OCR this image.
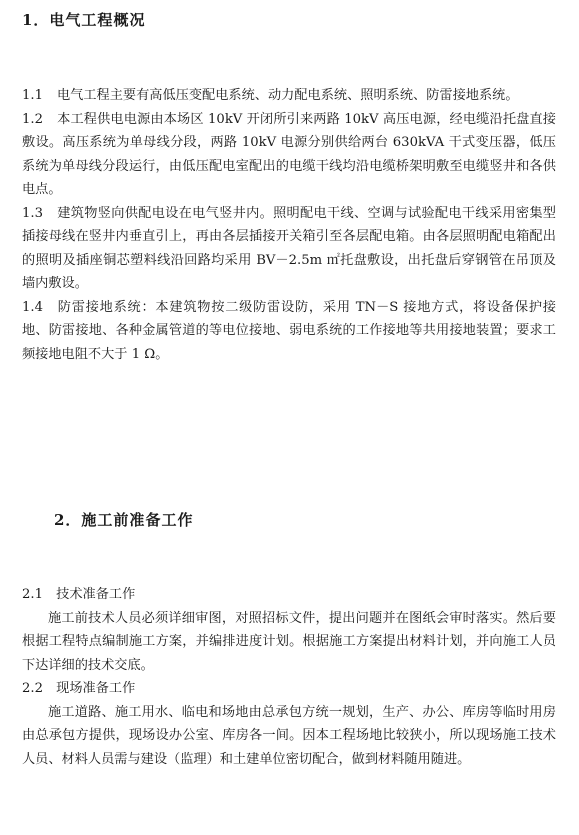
1．电气工程概况

1.1 电气工程主要有高低压变配电系统、动力配电系统、照明系统、防雷接地系统。

1.2 本工程供电电源由本场区 10kV 开闭所引来两路 10kV 高压电源，经电缆沿托盘直接敷设。高压系统为单母线分段，两路 10kV 电源分别供给两台 630kVA 干式变压器，低压系统为单母线分段运行，由低压配电室配出的电缆干线均沿电缆桥架明敷至电缆竖井和各供电点。

1.3 建筑物竖向供配电设在电气竖井内。照明配电干线、空调与试验配电干线采用密集型插接母线在竖井内垂直引上，再由各层插接开关箱引至各层配电箱。由各层照明配电箱配出的照明及插座铜芯塑料线沿回路均采用 BV－2.5m ㎡托盘敷设，出托盘后穿钢管在吊顶及墙内敷设。

1.4 防雷接地系统：本建筑物按二级防雷设防，采用 TN－S 接地方式，将设备保护接地、防雷接地、各种金属管道的等电位接地、弱电系统的工作接地等共用接地装置；要求工频接地电阻不大于 1 Ω。

2．施工前准备工作

2.1　技术准备工作

施工前技术人员必须详细审图，对照招标文件，提出问题并在图纸会审时落实。然后要根据工程特点编制施工方案，并编排进度计划。根据施工方案提出材料计划，并向施工人员下达详细的技术交底。

2.2　现场准备工作

施工道路、施工用水、临电和场地由总承包方统一规划，生产、办公、库房等临时用房由总承包方提供，现场设办公室、库房各一间。因本工程场地比较狭小，所以现场施工技术人员、材料人员需与建设（监理）和土建单位密切配合，做到材料随用随进。
